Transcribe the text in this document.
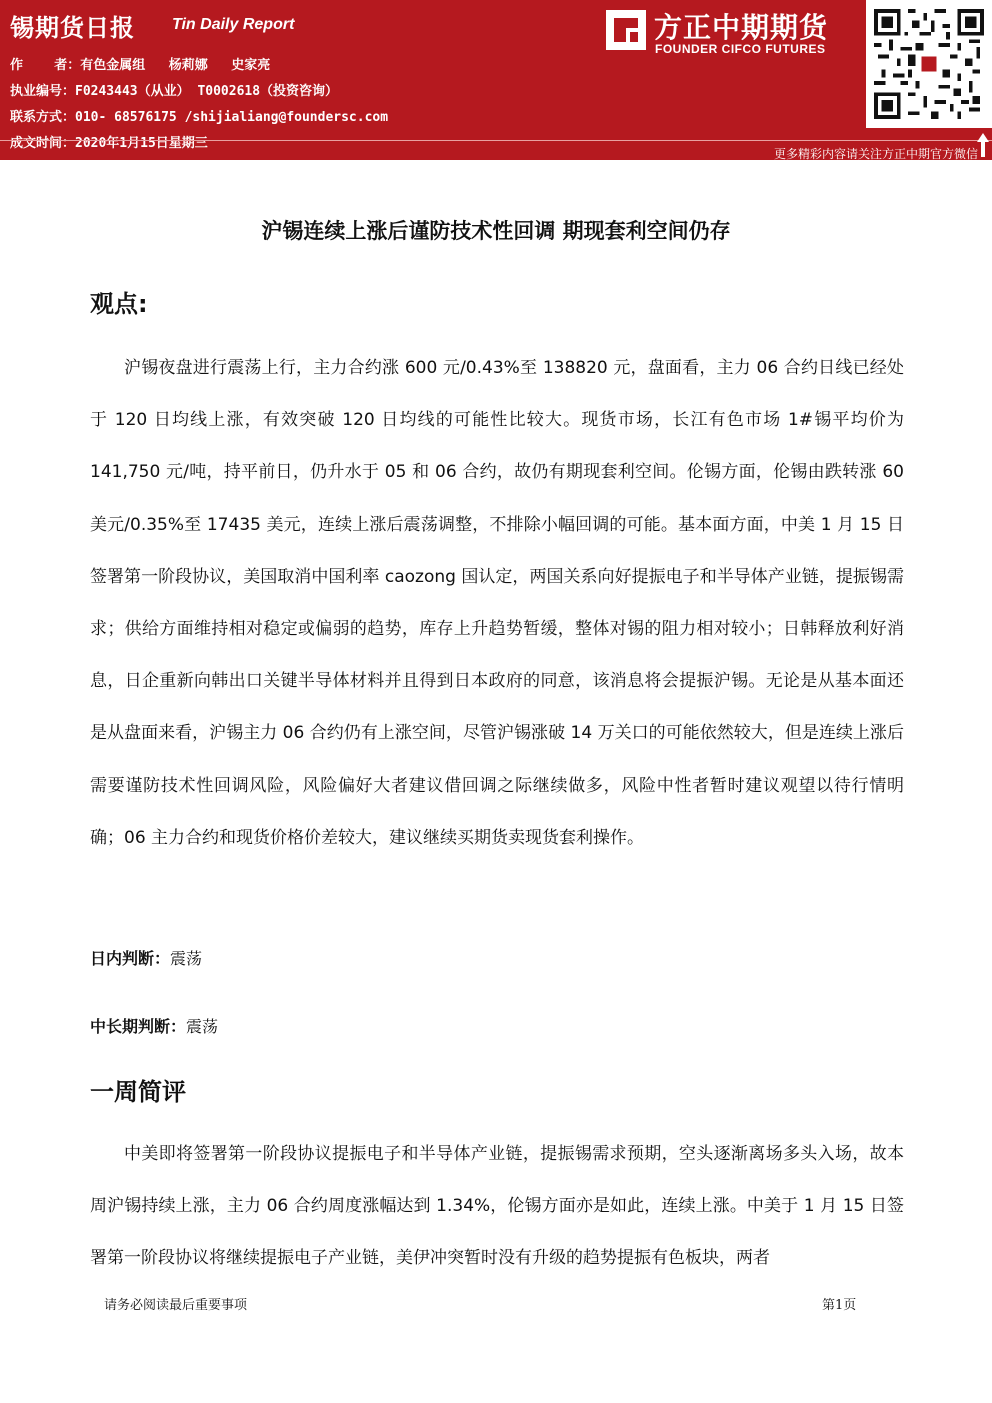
锡期货日报 Tin Daily Report
作    者：有色金属组   杨莉娜   史家亮
执业编号：F0243443（从业） T0002618（投资咨询）
联系方式：010- 68576175 /shijialiang@foundersc.com
成文时间：2020年1月15日星期三
方正中期期货
FOUNDER CIFCO FUTURES
更多精彩内容请关注方正中期官方微信
沪锡连续上涨后谨防技术性回调 期现套利空间仍存
观点:

沪锡夜盘进行震荡上行，主力合约涨 600 元/0.43%至 138820 元，盘面看，主力 06 合约日线已经处于 120 日均线上涨，有效突破 120 日均线的可能性比较大。现货市场，长江有色市场 1#锡平均价为 141,750 元/吨，持平前日，仍升水于 05 和 06 合约，故仍有期现套利空间。伦锡方面，伦锡由跌转涨 60 美元/0.35%至 17435 美元，连续上涨后震荡调整，不排除小幅回调的可能。基本面方面，中美 1 月 15 日签署第一阶段协议，美国取消中国利率 caozong 国认定，两国关系向好提振电子和半导体产业链，提振锡需求；供给方面维持相对稳定或偏弱的趋势，库存上升趋势暂缓，整体对锡的阻力相对较小；日韩释放利好消息，日企重新向韩出口关键半导体材料并且得到日本政府的同意，该消息将会提振沪锡。无论是从基本面还是从盘面来看，沪锡主力 06 合约仍有上涨空间，尽管沪锡涨破 14 万关口的可能依然较大，但是连续上涨后需要谨防技术性回调风险，风险偏好大者建议借回调之际继续做多，风险中性者暂时建议观望以待行情明确；06 主力合约和现货价格价差较大，建议继续买期货卖现货套利操作。

日内判断：震荡
中长期判断：震荡
一周简评

中美即将签署第一阶段协议提振电子和半导体产业链，提振锡需求预期，空头逐渐离场多头入场，故本周沪锡持续上涨，主力 06 合约周度涨幅达到 1.34%，伦锡方面亦是如此，连续上涨。中美于 1 月 15 日签署第一阶段协议将继续提振电子产业链，美伊冲突暂时没有升级的趋势提振有色板块，两者

请务必阅读最后重要事项	第1页
